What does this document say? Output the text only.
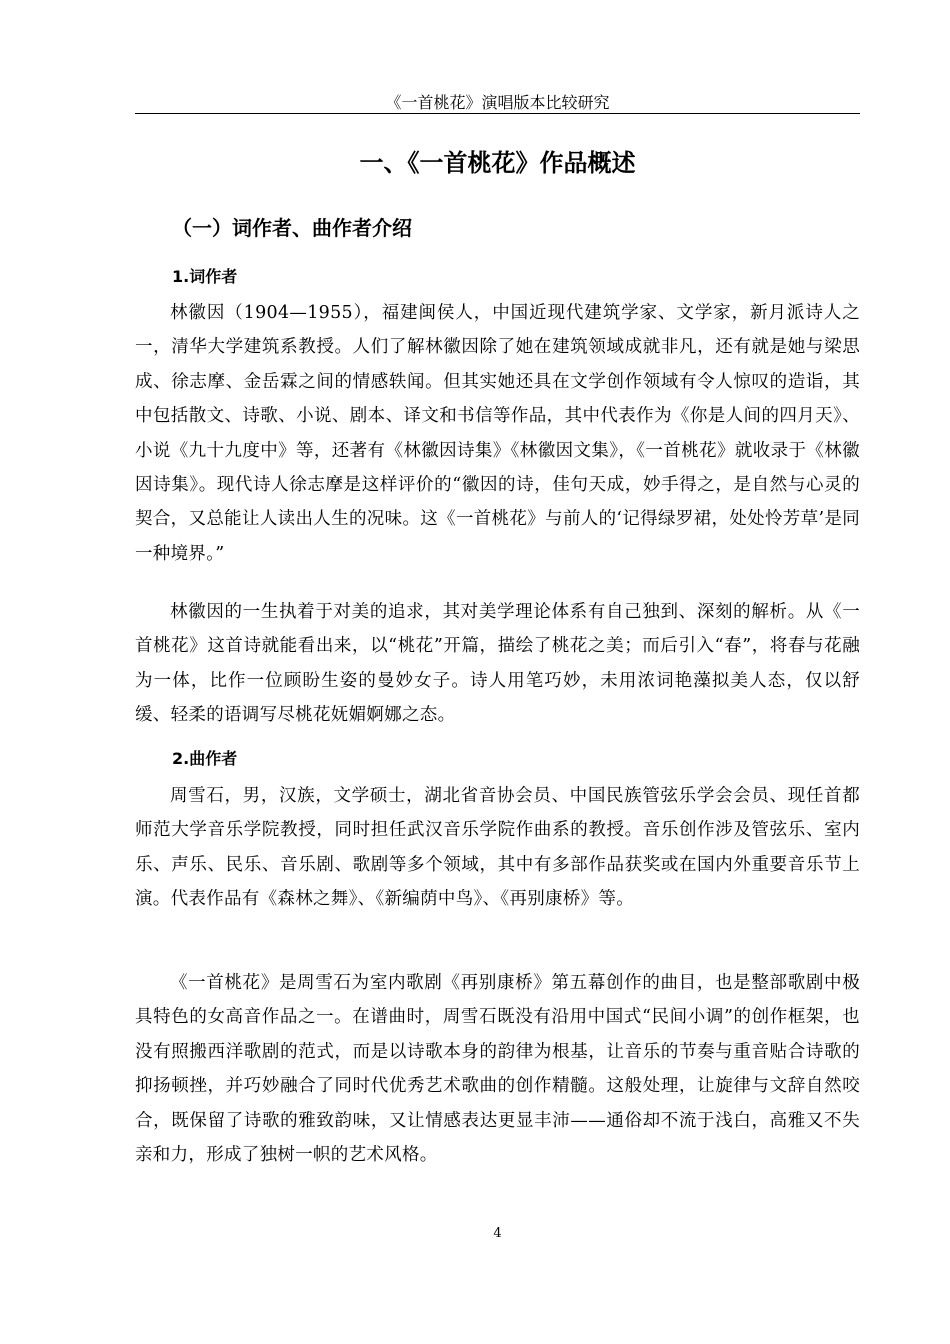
《一首桃花》演唱版本比较研究
一、《一首桃花》作品概述
（一）词作者、曲作者介绍
1.词作者

林徽因（1904—1955），福建闽侯人，中国近现代建筑学家、文学家，新月派诗人之一，清华大学建筑系教授。人们了解林徽因除了她在建筑领域成就非凡，还有就是她与梁思成、徐志摩、金岳霖之间的情感轶闻。但其实她还具在文学创作领域有令人惊叹的造诣，其中包括散文、诗歌、小说、剧本、译文和书信等作品，其中代表作为《你是人间的四月天》、小说《九十九度中》等，还著有《林徽因诗集》《林徽因文集》，《一首桃花》就收录于《林徽因诗集》。现代诗人徐志摩是这样评价的“徽因的诗，佳句天成，妙手得之，是自然与心灵的契合，又总能让人读出人生的况味。这《一首桃花》与前人的‘记得绿罗裙，处处怜芳草’是同一种境界。”

林徽因的一生执着于对美的追求，其对美学理论体系有自己独到、深刻的解析。从《一首桃花》这首诗就能看出来，以“桃花”开篇，描绘了桃花之美；而后引入“春”，将春与花融为一体，比作一位顾盼生姿的曼妙女子。诗人用笔巧妙，未用浓词艳藻拟美人态，仅以舒缓、轻柔的语调写尽桃花妩媚婀娜之态。

2.曲作者

周雪石，男，汉族，文学硕士，湖北省音协会员、中国民族管弦乐学会会员、现任首都师范大学音乐学院教授，同时担任武汉音乐学院作曲系的教授。音乐创作涉及管弦乐、室内乐、声乐、民乐、音乐剧、歌剧等多个领域，其中有多部作品获奖或在国内外重要音乐节上演。代表作品有《森林之舞》、《新编荫中鸟》、《再别康桥》等。

《一首桃花》是周雪石为室内歌剧《再别康桥》第五幕创作的曲目，也是整部歌剧中极具特色的女高音作品之一。在谱曲时，周雪石既没有沿用中国式“民间小调”的创作框架，也没有照搬西洋歌剧的范式，而是以诗歌本身的韵律为根基，让音乐的节奏与重音贴合诗歌的抑扬顿挫，并巧妙融合了同时代优秀艺术歌曲的创作精髓。这般处理，让旋律与文辞自然咬合，既保留了诗歌的雅致韵味，又让情感表达更显丰沛——通俗却不流于浅白，高雅又不失亲和力，形成了独树一帜的艺术风格。

4
